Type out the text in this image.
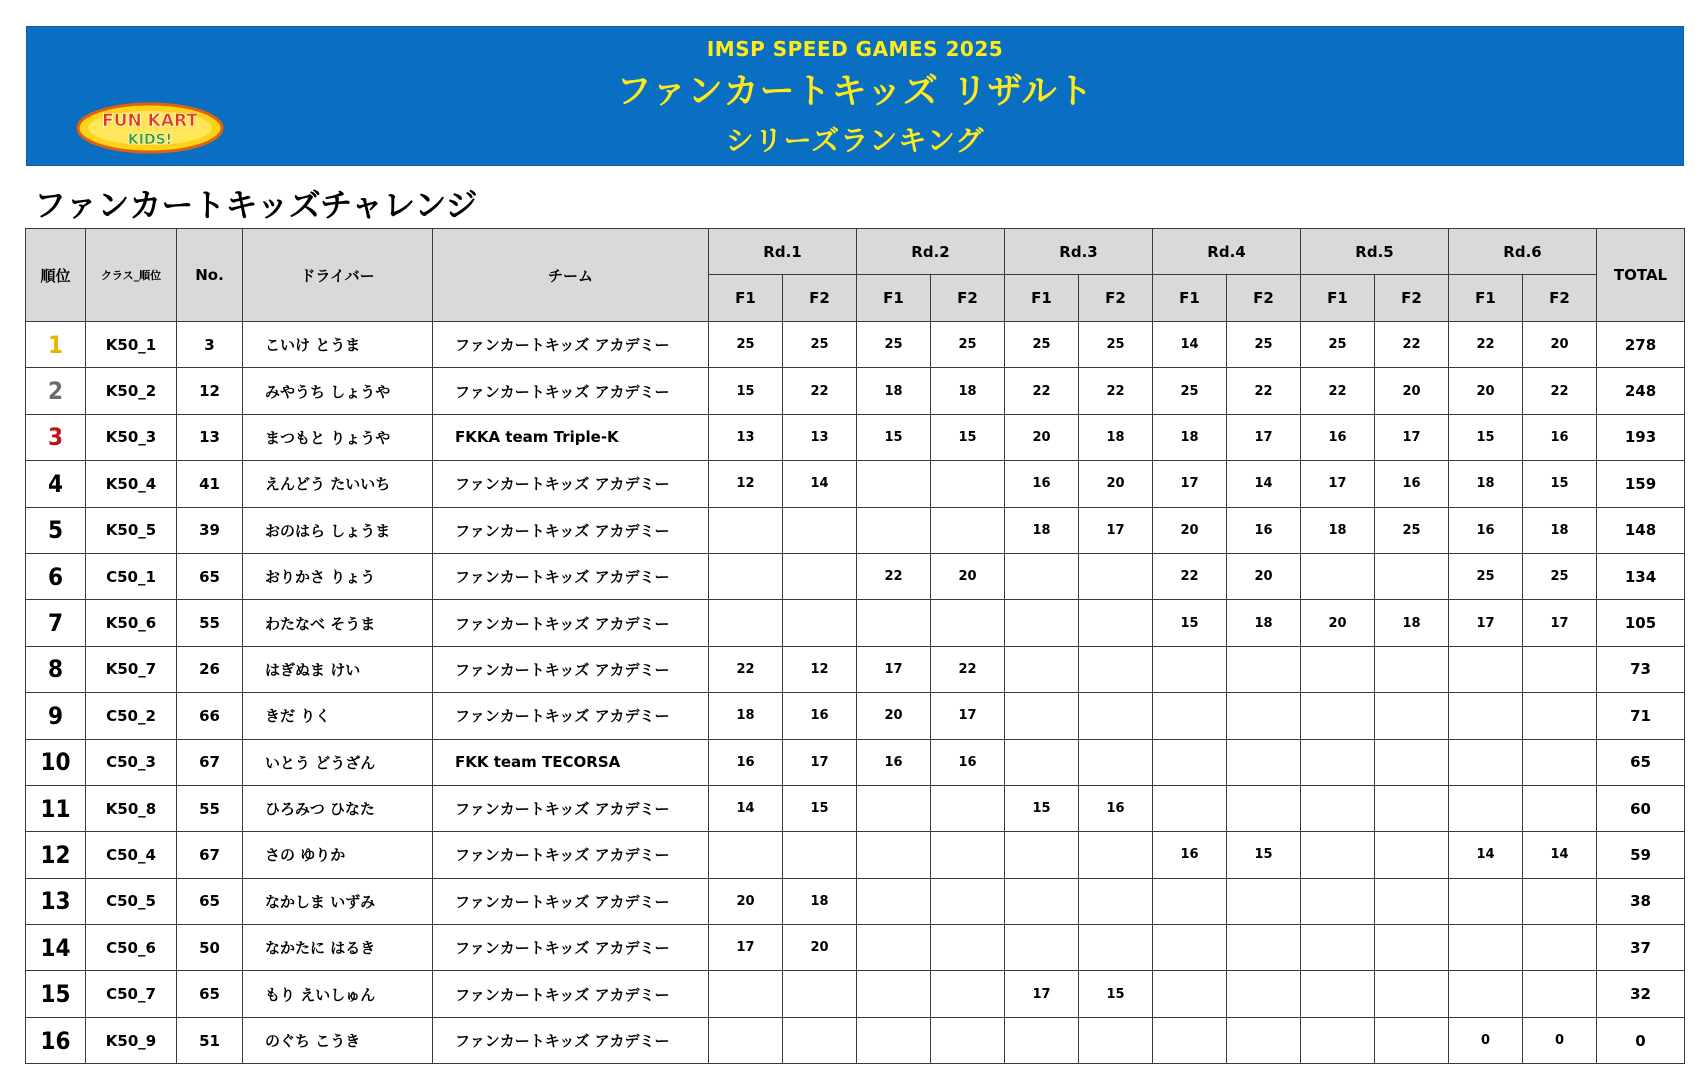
FUN KART
KIDS!
IMSP SPEED GAMES 2025
ファンカートキッズ リザルト
シリーズランキング
ファンカートキッズチャレンジ
順位	クラス_順位	No.	ドライバー	チーム	Rd.1		Rd.2		Rd.3		Rd.4		Rd.5		Rd.6		TOTAL
					F1	F2	F1	F2	F1	F2	F1	F2	F1	F2	F1	F2	
1	K50_1	3	こいけ とうま	ファンカートキッズ アカデミー	25	25	25	25	25	25	14	25	25	22	22	20	278
2	K50_2	12	みやうち しょうや	ファンカートキッズ アカデミー	15	22	18	18	22	22	25	22	22	20	20	22	248
3	K50_3	13	まつもと りょうや	FKKA team Triple-K	13	13	15	15	20	18	18	17	16	17	15	16	193
4	K50_4	41	えんどう たいいち	ファンカートキッズ アカデミー	12	14			16	20	17	14	17	16	18	15	159
5	K50_5	39	おのはら しょうま	ファンカートキッズ アカデミー					18	17	20	16	18	25	16	18	148
6	C50_1	65	おりかさ りょう	ファンカートキッズ アカデミー			22	20			22	20			25	25	134
7	K50_6	55	わたなべ そうま	ファンカートキッズ アカデミー							15	18	20	18	17	17	105
8	K50_7	26	はぎぬま けい	ファンカートキッズ アカデミー	22	12	17	22									73
9	C50_2	66	きだ りく	ファンカートキッズ アカデミー	18	16	20	17									71
10	C50_3	67	いとう どうざん	FKK team TECORSA	16	17	16	16									65
11	K50_8	55	ひろみつ ひなた	ファンカートキッズ アカデミー	14	15			15	16							60
12	C50_4	67	さの ゆりか	ファンカートキッズ アカデミー							16	15			14	14	59
13	C50_5	65	なかしま いずみ	ファンカートキッズ アカデミー	20	18											38
14	C50_6	50	なかたに はるき	ファンカートキッズ アカデミー	17	20											37
15	C50_7	65	もり えいしゅん	ファンカートキッズ アカデミー					17	15							32
16	K50_9	51	のぐち こうき	ファンカートキッズ アカデミー											0	0	0
